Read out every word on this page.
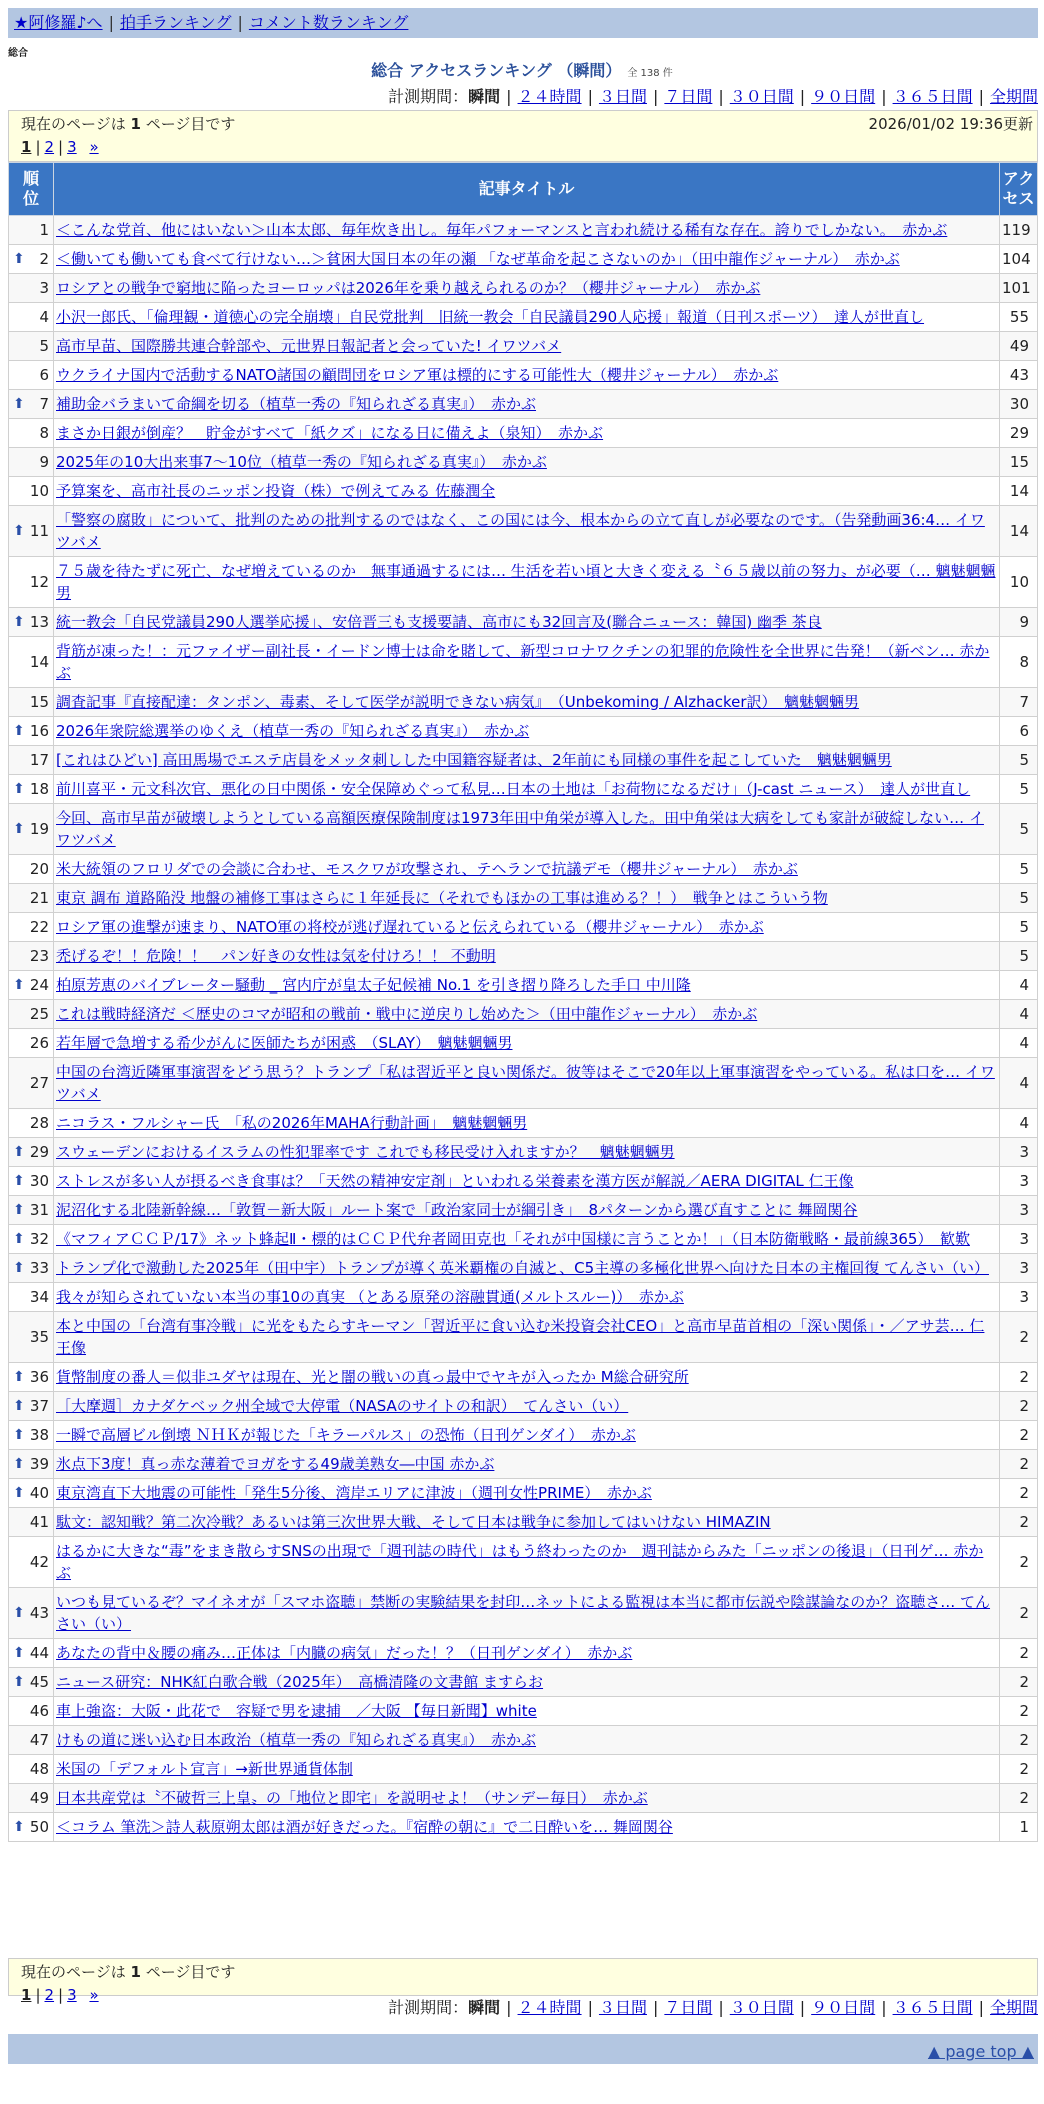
★阿修羅♪へ | 拍手ランキング | コメント数ランキング
総合
総合 アクセスランキング （瞬間） 全 138 件
計測期間：瞬間 | ２４時間 | ３日間 | ７日間 | ３０日間 | ９０日間 | ３６５日間 | 全期間
現在のページは 1 ページ目です	2026/01/02 19:36更新
1 | 2 | 3 »
順位	記事タイトル	アクセス
1	＜こんな党首、他にはいない＞山本太郎、毎年炊き出し。毎年パフォーマンスと言われ続ける稀有な存在。誇りでしかない。　赤かぶ	119

⬆ 2	＜働いても働いても食べて行けない…＞貧困大国日本の年の瀬 「なぜ革命を起こさないのか」（田中龍作ジャーナル）　赤かぶ	104
3	ロシアとの戦争で窮地に陥ったヨーロッパは2026年を乗り越えられるのか？（櫻井ジャーナル）　赤かぶ	101
4	小沢一郎氏、「倫理観・道徳心の完全崩壊」自民党批判　旧統一教会「自民議員290人応援」報道（日刊スポーツ）　達人が世直し	55
5	高市早苗、国際勝共連合幹部や、元世界日報記者と会っていた! イワツバメ	49
6	ウクライナ国内で活動するNATO諸国の顧問団をロシア軍は標的にする可能性大（櫻井ジャーナル）　赤かぶ	43

⬆ 7	補助金バラまいて命綱を切る（植草一秀の『知られざる真実』）　赤かぶ	30
8	まさか日銀が倒産？　貯金がすべて「紙クズ」になる日に備えよ（泉知）　赤かぶ	29
9	2025年の10大出来事7～10位（植草一秀の『知られざる真実』）　赤かぶ	15
10	予算案を、高市社長のニッポン投資（株）で例えてみる 佐藤潤全	14

⬆ 11	「警察の腐敗」について、批判のための批判するのではなく、この国には今、根本からの立て直しが必要なのです。（告発動画36:4… イワツバメ	14
12	７５歳を待たずに死亡、なぜ増えているのか　無事通過するには… 生活を若い頃と大きく変える〝６５歳以前の努力〟が必要（… 魑魅魍魎男	10

⬆ 13	統一教会「自民党議員290人選挙応援」、安倍晋三も支援要請、高市にも32回言及(聯合ニュース：韓国) 幽季 茶良	9
14	背筋が凍った！：元ファイザー副社長・イードン博士は命を賭して、新型コロナワクチンの犯罪的危険性を全世界に告発！（新ベン… 赤かぶ	8
15	調査記事『直接配達：タンポン、毒素、そして医学が説明できない病気』　（Unbekoming / Alzhacker訳）　魑魅魍魎男	7

⬆ 16	2026年衆院総選挙のゆくえ（植草一秀の『知られざる真実』）　赤かぶ	6
17	[これはひどい] 高田馬場でエステ店員をメッタ刺しした中国籍容疑者は、2年前にも同様の事件を起こしていた　魑魅魍魎男	5

⬆ 18	前川喜平・元文科次官、悪化の日中関係・安全保障めぐって私見…日本の土地は「お荷物になるだけ」（J-cast ニュース）　達人が世直し	5

⬆ 19	今回、高市早苗が破壊しようとしている高額医療保険制度は1973年田中角栄が導入した。田中角栄は大病をしても家計が破綻しない… イワツバメ	5
20	米大統領のフロリダでの会談に合わせ、モスクワが攻撃され、テヘランで抗議デモ（櫻井ジャーナル）　赤かぶ	5
21	東京 調布 道路陥没 地盤の補修工事はさらに１年延長に（それでもほかの工事は進める？！）　戦争とはこういう物	5
22	ロシア軍の進撃が速まり、NATO軍の将校が逃げ遅れていると伝えられている（櫻井ジャーナル）　赤かぶ	5
23	禿げるぞ！！危険！！　パン好きの女性は気を付けろ！！ 不動明	5

⬆ 24	柏原芳恵のバイブレーター騒動 _ 宮内庁が皇太子妃候補 No.1 を引き摺り降ろした手口 中川隆	4
25	これは戦時経済だ ＜歴史のコマが昭和の戦前・戦中に逆戻りし始めた＞（田中龍作ジャーナル）　赤かぶ	4
26	若年層で急増する希少がんに医師たちが困惑　（SLAY）　魑魅魍魎男	4
27	中国の台湾近隣軍事演習をどう思う？トランプ「私は習近平と良い関係だ。彼等はそこで20年以上軍事演習をやっている。私は口を… イワツバメ	4
28	ニコラス・フルシャー氏　「私の2026年MAHA行動計画」　魑魅魍魎男	4

⬆ 29	スウェーデンにおけるイスラムの性犯罪率です これでも移民受け入れますか？　魑魅魍魎男	3

⬆ 30	ストレスが多い人が摂るべき食事は？「天然の精神安定剤」といわれる栄養素を漢方医が解説／AERA DIGITAL 仁王像	3

⬆ 31	泥沼化する北陸新幹線…「敦賀－新大阪」ルート案で「政治家同士が綱引き」　8パターンから選び直すことに 舞岡関谷	3

⬆ 32	《マフィアＣＣＰ/17》ネット蜂起Ⅱ・標的はＣＣＰ代弁者岡田克也「それが中国様に言うことか！」（日本防衛戦略・最前線365）　歓歎	3

⬆ 33	トランプ化で激動した2025年（田中宇）トランプが導く英米覇権の自滅と、C5主導の多極化世界へ向けた日本の主権回復 てんさい（い）	3
34	我々が知らされていない本当の事10の真実 （とある原発の溶融貫通(メルトスルー)）　赤かぶ	3
35	本と中国の「台湾有事冷戦」に光をもたらすキーマン「習近平に食い込む米投資会社CEO」と高市早苗首相の「深い関係」・／アサ芸… 仁王像	2

⬆ 36	貨幣制度の番人＝似非ユダヤは現在、光と闇の戦いの真っ最中でヤキが入ったか M総合研究所	2

⬆ 37	［大摩週］カナダケベック州全域で大停電（NASAのサイトの和訳）　てんさい（い）	2

⬆ 38	一瞬で高層ビル倒壊 ＮＨＫが報じた「キラーパルス」の恐怖（日刊ゲンダイ）　赤かぶ	2

⬆ 39	氷点下3度！真っ赤な薄着でヨガをする49歳美熟女―中国 赤かぶ	2

⬆ 40	東京湾直下大地震の可能性「発生5分後、湾岸エリアに津波」（週刊女性PRIME）　赤かぶ	2
41	駄文：認知戦？第二次冷戦？あるいは第三次世界大戦、そして日本は戦争に参加してはいけない HIMAZIN	2
42	はるかに大きな“毒”をまき散らすSNSの出現で「週刊誌の時代」はもう終わったのか　週刊誌からみた「ニッポンの後退」（日刊ゲ… 赤かぶ	2

⬆ 43	いつも見ているぞ？マイネオが「スマホ盗聴」禁断の実験結果を封印…ネットによる監視は本当に都市伝説や陰謀論なのか？盗聴さ… てんさい（い）	2

⬆ 44	あなたの背中＆腰の痛み…正体は「内臓の病気」だった！？（日刊ゲンダイ）　赤かぶ	2

⬆ 45	ニュース研究：NHK紅白歌合戦（2025年）　高橋清隆の文書館 ますらお	2
46	車上強盗：大阪・此花で　容疑で男を逮捕　／大阪 【毎日新聞】white	2
47	けもの道に迷い込む日本政治（植草一秀の『知られざる真実』）　赤かぶ	2
48	米国の「デフォルト宣言」→新世界通貨体制	2
49	日本共産党は〝不破哲三上皇〟の「地位と即宅」を説明せよ！（サンデー毎日）　赤かぶ	2

⬆ 50	＜コラム 筆洗＞詩人萩原朔太郎は酒が好きだった。『宿酔の朝に』で二日酔いを… 舞岡関谷	1
現在のページは 1 ページ目です
1 | 2 | 3 »
計測期間：瞬間 | ２４時間 | ３日間 | ７日間 | ３０日間 | ９０日間 | ３６５日間 | 全期間
▲ page top ▲
